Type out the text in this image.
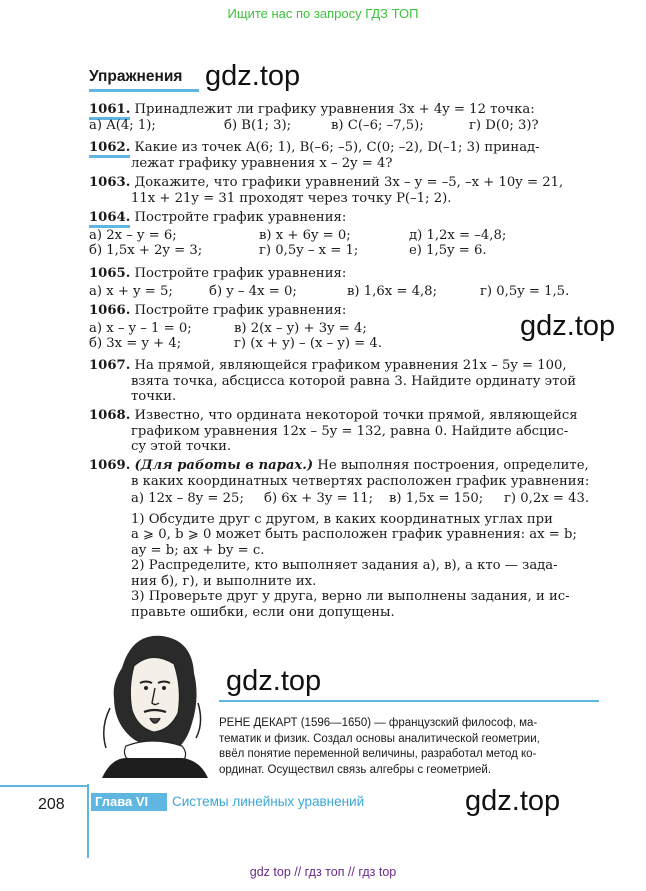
Ищите нас по запросу ГДЗ ТОП
Упражнения gdz.top
gdz.top
gdz.top
gdz.top
1061. Принадлежит ли графику уравнения 3x + 4y = 12 точка:
а) A(4; 1);	б) B(1; 3);	в) C(–6; –7,5);	г) D(0; 3)?
1062. Какие из точек A(6; 1), B(–6; –5), C(0; –2), D(–1; 3) принад-
лежат графику уравнения x – 2y = 4?
1063. Докажите, что графики уравнений 3x – y = –5, –x + 10y = 21,
11x + 21y = 31 проходят через точку P(–1; 2).
1064. Постройте график уравнения:
а) 2x – y = 6;	в) x + 6y = 0;	д) 1,2x = –4,8;
б) 1,5x + 2y = 3;	г) 0,5y – x = 1;	е) 1,5y = 6.
1065. Постройте график уравнения:
а) x + y = 5;	б) y – 4x = 0;	в) 1,6x = 4,8;	г) 0,5y = 1,5.
1066. Постройте график уравнения:
а) x – y – 1 = 0;	в) 2(x – y) + 3y = 4;
б) 3x = y + 4;	г) (x + y) – (x – y) = 4.
1067. На прямой, являющейся графиком уравнения 21x – 5y = 100,
взята точка, абсцисса которой равна 3. Найдите ординату этой
точки.
1068. Известно, что ордината некоторой точки прямой, являющейся
графиком уравнения 12x – 5y = 132, равна 0. Найдите абсцис-
су этой точки.
1069. (Для работы в парах.) Не выполняя построения, определите,
в каких координатных четвертях расположен график уравнения:
а) 12x – 8y = 25; б) 6x + 3y = 11; в) 1,5x = 150; г) 0,2x = 43.
1) Обсудите друг с другом, в каких координатных углах при
a ⩾ 0, b ⩾ 0 может быть расположен график уравнения: ax = b;
ay = b; ax + by = c.
2) Распределите, кто выполняет задания а), в), а кто — зада-
ния б), г), и выполните их.
3) Проверьте друг у друга, верно ли выполнены задания, и ис-
правьте ошибки, если они допущены.
РЕНЕ ДЕКАРТ (1596—1650) — французский философ, ма-
тематик и физик. Создал основы аналитической геометрии,
ввёл понятие переменной величины, разработал метод ко-
ординат. Осуществил связь алгебры с геометрией.
208	Глава VI	Системы линейных уравнений
gdz top // гдз топ // гдз top
